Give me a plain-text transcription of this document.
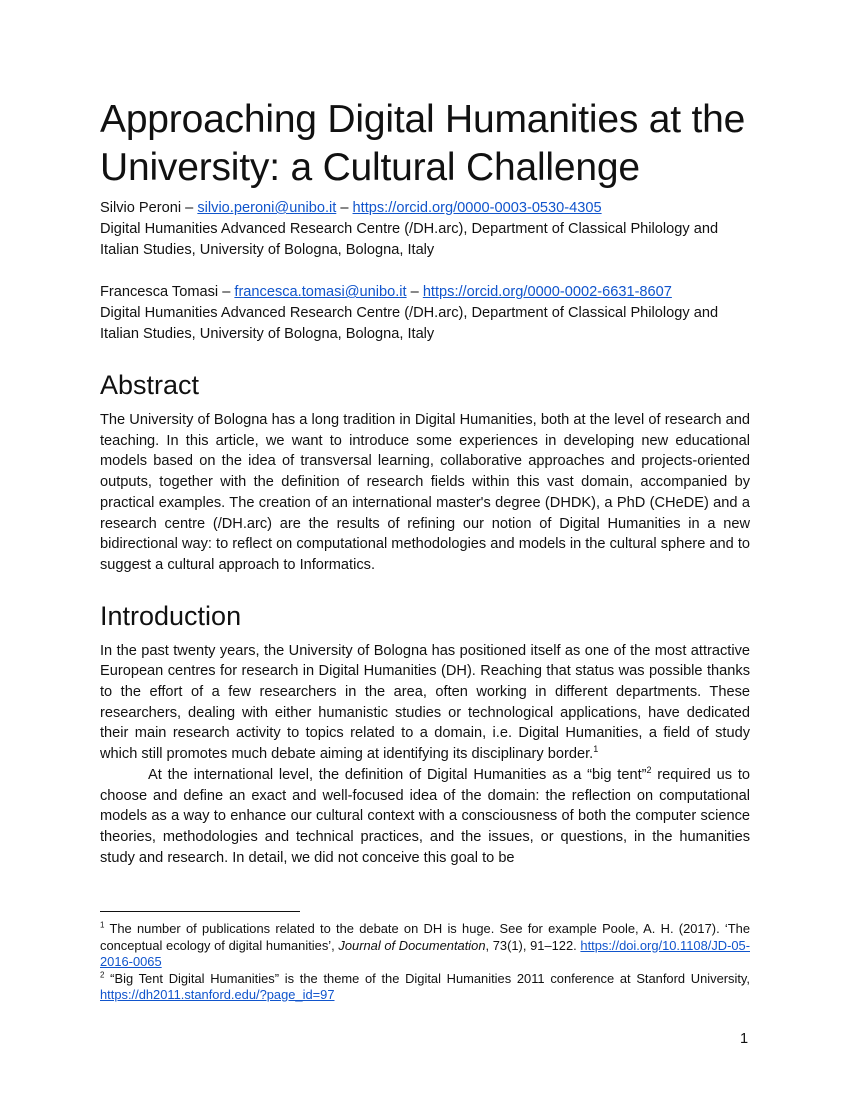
Approaching Digital Humanities at the University: a Cultural Challenge

Silvio Peroni – silvio.peroni@unibo.it – https://orcid.org/0000-0003-0530-4305
Digital Humanities Advanced Research Centre (/DH.arc), Department of Classical Philology and Italian Studies, University of Bologna, Bologna, Italy

Francesca Tomasi – francesca.tomasi@unibo.it – https://orcid.org/0000-0002-6631-8607
Digital Humanities Advanced Research Centre (/DH.arc), Department of Classical Philology and Italian Studies, University of Bologna, Bologna, Italy

Abstract

The University of Bologna has a long tradition in Digital Humanities, both at the level of research and teaching. In this article, we want to introduce some experiences in developing new educational models based on the idea of transversal learning, collaborative approaches and projects-oriented outputs, together with the definition of research fields within this vast domain, accompanied by practical examples. The creation of an international master's degree (DHDK), a PhD (CHeDE) and a research centre (/DH.arc) are the results of refining our notion of Digital Humanities in a new bidirectional way: to reflect on computational methodologies and models in the cultural sphere and to suggest a cultural approach to Informatics.

Introduction

In the past twenty years, the University of Bologna has positioned itself as one of the most attractive European centres for research in Digital Humanities (DH). Reaching that status was possible thanks to the effort of a few researchers in the area, often working in different departments. These researchers, dealing with either humanistic studies or technological applications, have dedicated their main research activity to topics related to a domain, i.e. Digital Humanities, a field of study which still promotes much debate aiming at identifying its disciplinary border.$^1$

At the international level, the definition of Digital Humanities as a “big tent”$^2$ required us to choose and define an exact and well-focused idea of the domain: the reflection on computational models as a way to enhance our cultural context with a consciousness of both the computer science theories, methodologies and technical practices, and the issues, or questions, in the humanities study and research. In detail, we did not conceive this goal to be

$^1$ The number of publications related to the debate on DH is huge. See for example Poole, A. H. (2017). ‘The conceptual ecology of digital humanities’, Journal of Documentation, 73(1), 91–122. https://doi.org/10.1108/JD-05-2016-0065

$^2$ “Big Tent Digital Humanities” is the theme of the Digital Humanities 2011 conference at Stanford University, https://dh2011.stanford.edu/?page_id=97

1
